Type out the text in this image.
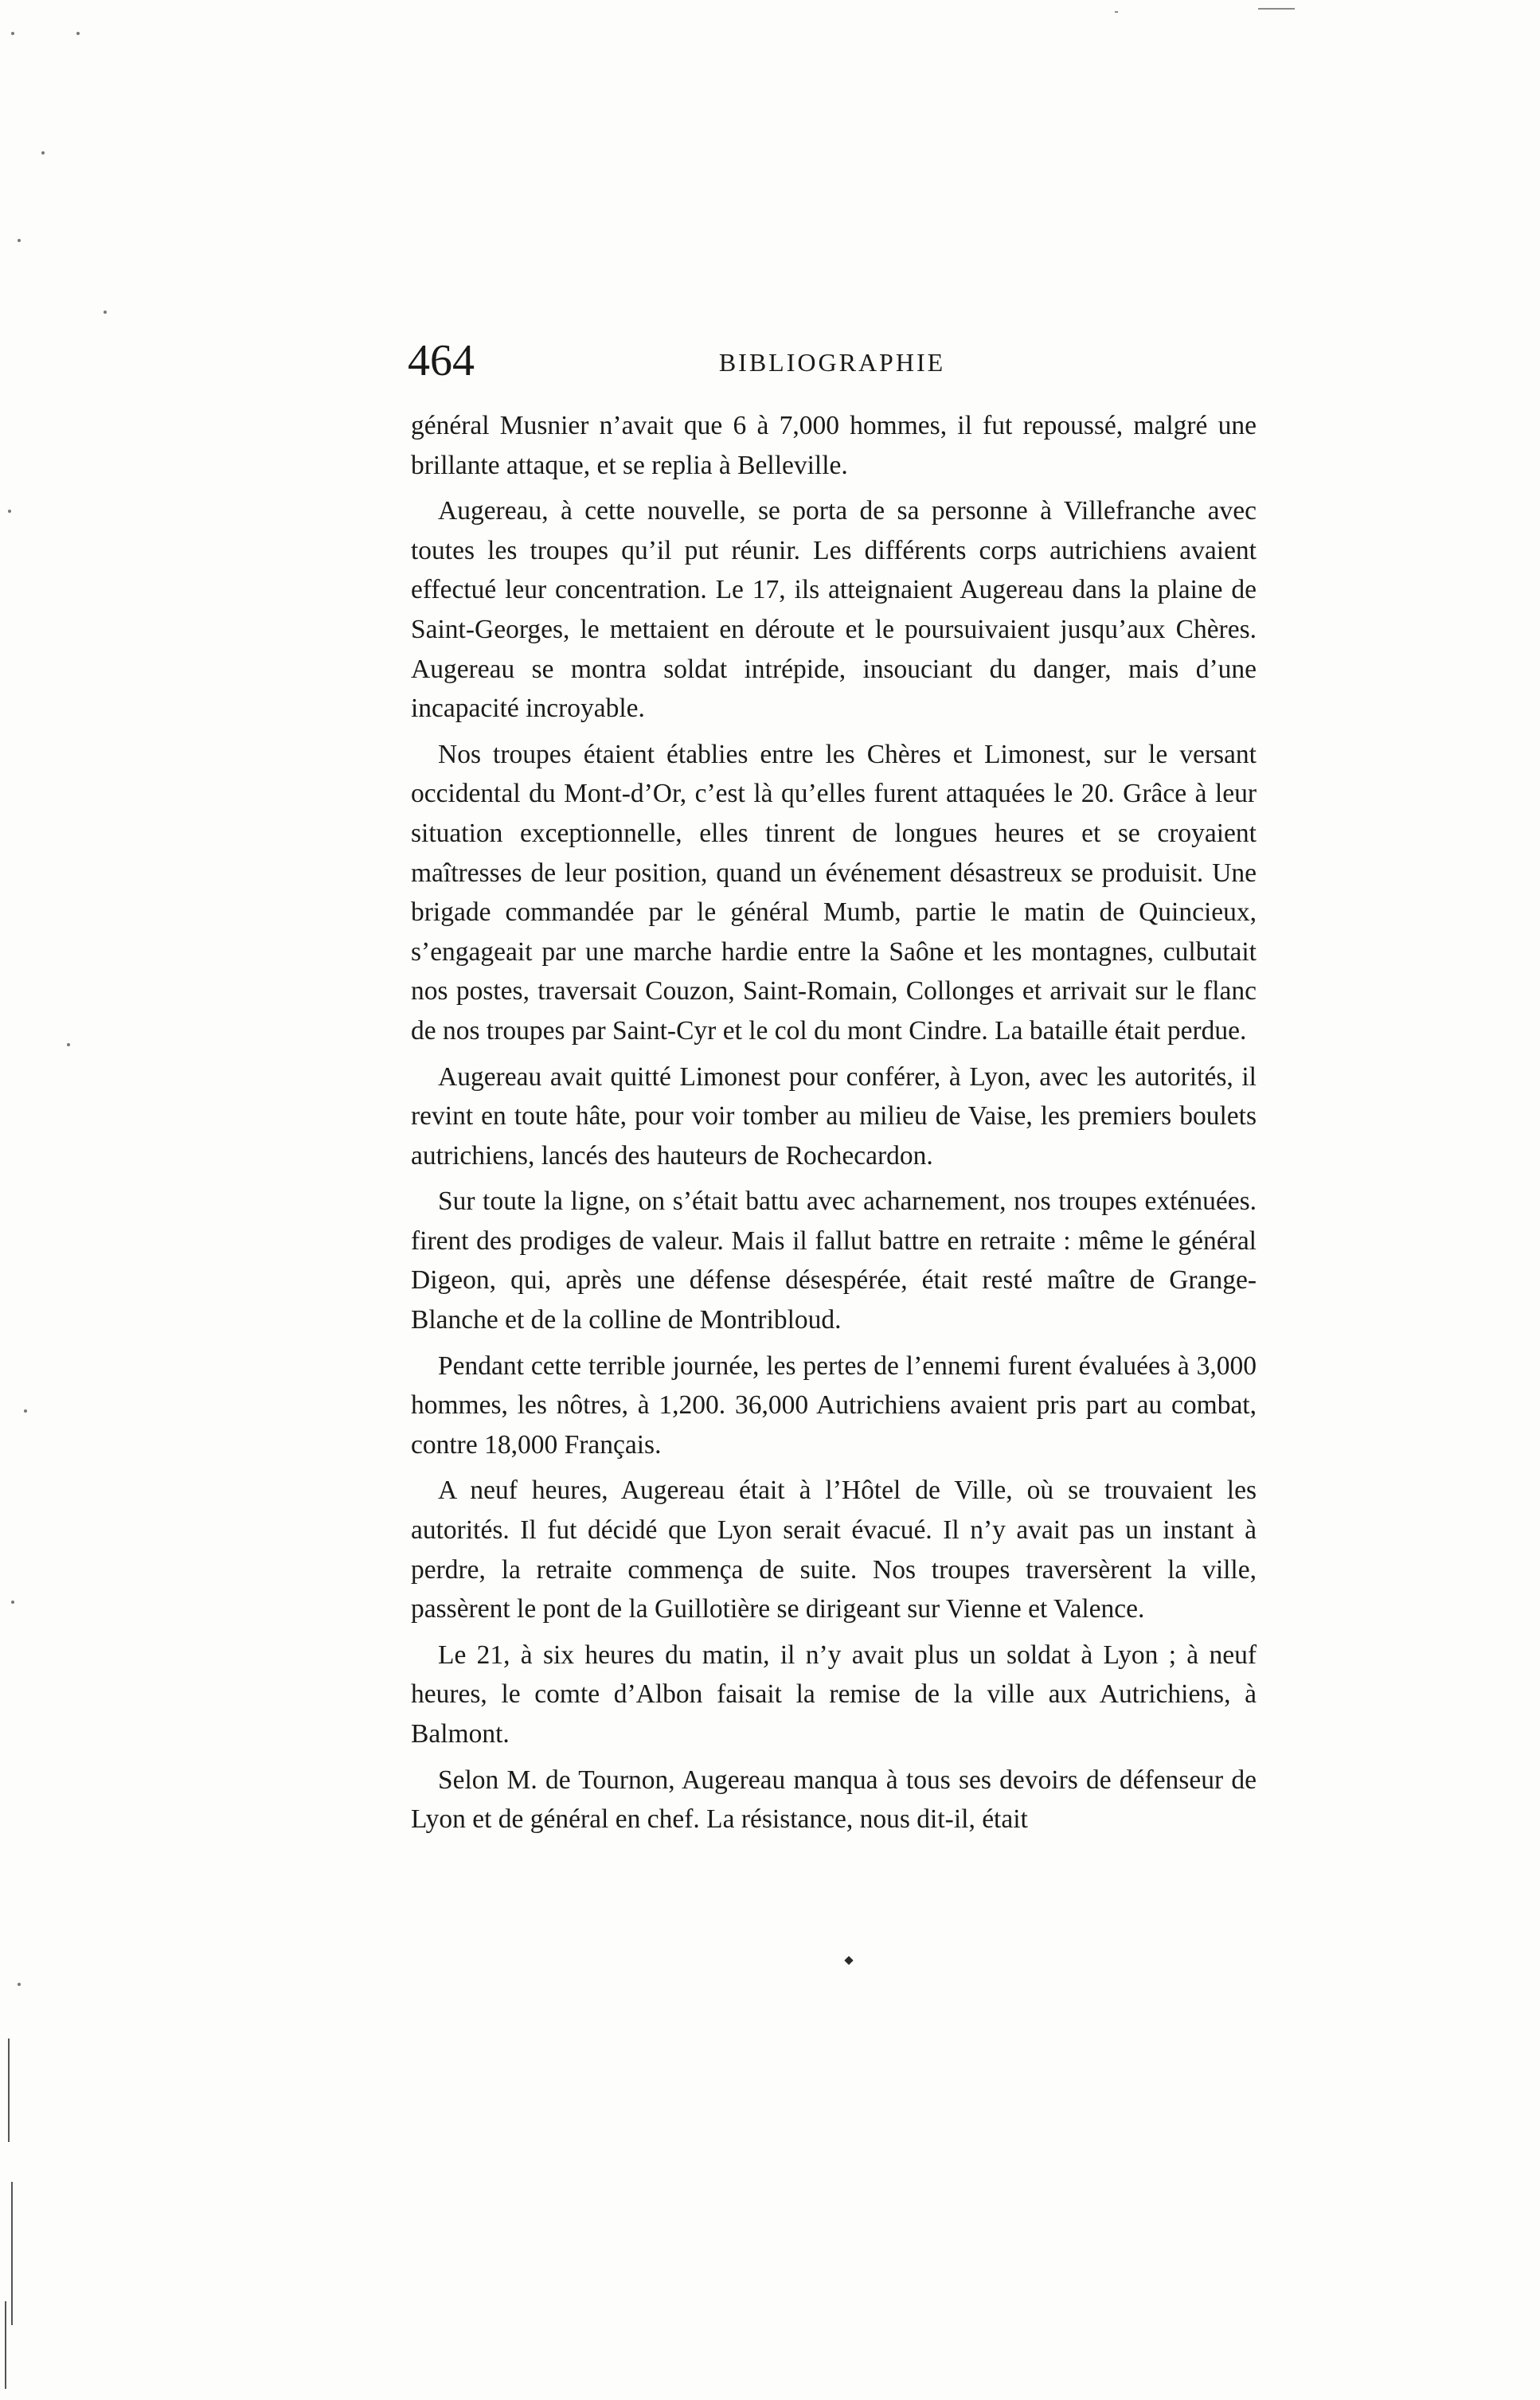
464	BIBLIOGRAPHIE

général Musnier n’avait que 6 à 7,000 hommes, il fut repoussé, malgré une brillante attaque, et se replia à Belleville.

Augereau, à cette nouvelle, se porta de sa personne à Villefranche avec toutes les troupes qu’il put réunir. Les différents corps autrichiens avaient effectué leur concentration. Le 17, ils atteignaient Augereau dans la plaine de Saint-Georges, le mettaient en déroute et le poursuivaient jusqu’aux Chères. Augereau se montra soldat intrépide, insouciant du danger, mais d’une incapacité incroyable.

Nos troupes étaient établies entre les Chères et Limonest, sur le versant occidental du Mont-d’Or, c’est là qu’elles furent attaquées le 20. Grâce à leur situation exceptionnelle, elles tinrent de longues heures et se croyaient maîtresses de leur position, quand un événement désastreux se produisit. Une brigade commandée par le général Mumb, partie le matin de Quincieux, s’engageait par une marche hardie entre la Saône et les montagnes, culbutait nos postes, traversait Couzon, Saint-Romain, Collonges et arrivait sur le flanc de nos troupes par Saint-Cyr et le col du mont Cindre. La bataille était perdue.

Augereau avait quitté Limonest pour conférer, à Lyon, avec les autorités, il revint en toute hâte, pour voir tomber au milieu de Vaise, les premiers boulets autrichiens, lancés des hauteurs de Rochecardon.

Sur toute la ligne, on s’était battu avec acharnement, nos troupes exténuées. firent des prodiges de valeur. Mais il fallut battre en retraite : même le général Digeon, qui, après une défense désespérée, était resté maître de Grange-Blanche et de la colline de Montribloud.

Pendant cette terrible journée, les pertes de l’ennemi furent évaluées à 3,000 hommes, les nôtres, à 1,200. 36,000 Autrichiens avaient pris part au combat, contre 18,000 Français.

A neuf heures, Augereau était à l’Hôtel de Ville, où se trouvaient les autorités. Il fut décidé que Lyon serait évacué. Il n’y avait pas un instant à perdre, la retraite commença de suite. Nos troupes traversèrent la ville, passèrent le pont de la Guillotière se dirigeant sur Vienne et Valence.

Le 21, à six heures du matin, il n’y avait plus un soldat à Lyon ; à neuf heures, le comte d’Albon faisait la remise de la ville aux Autrichiens, à Balmont.

Selon M. de Tournon, Augereau manqua à tous ses devoirs de défenseur de Lyon et de général en chef. La résistance, nous dit-il, était
